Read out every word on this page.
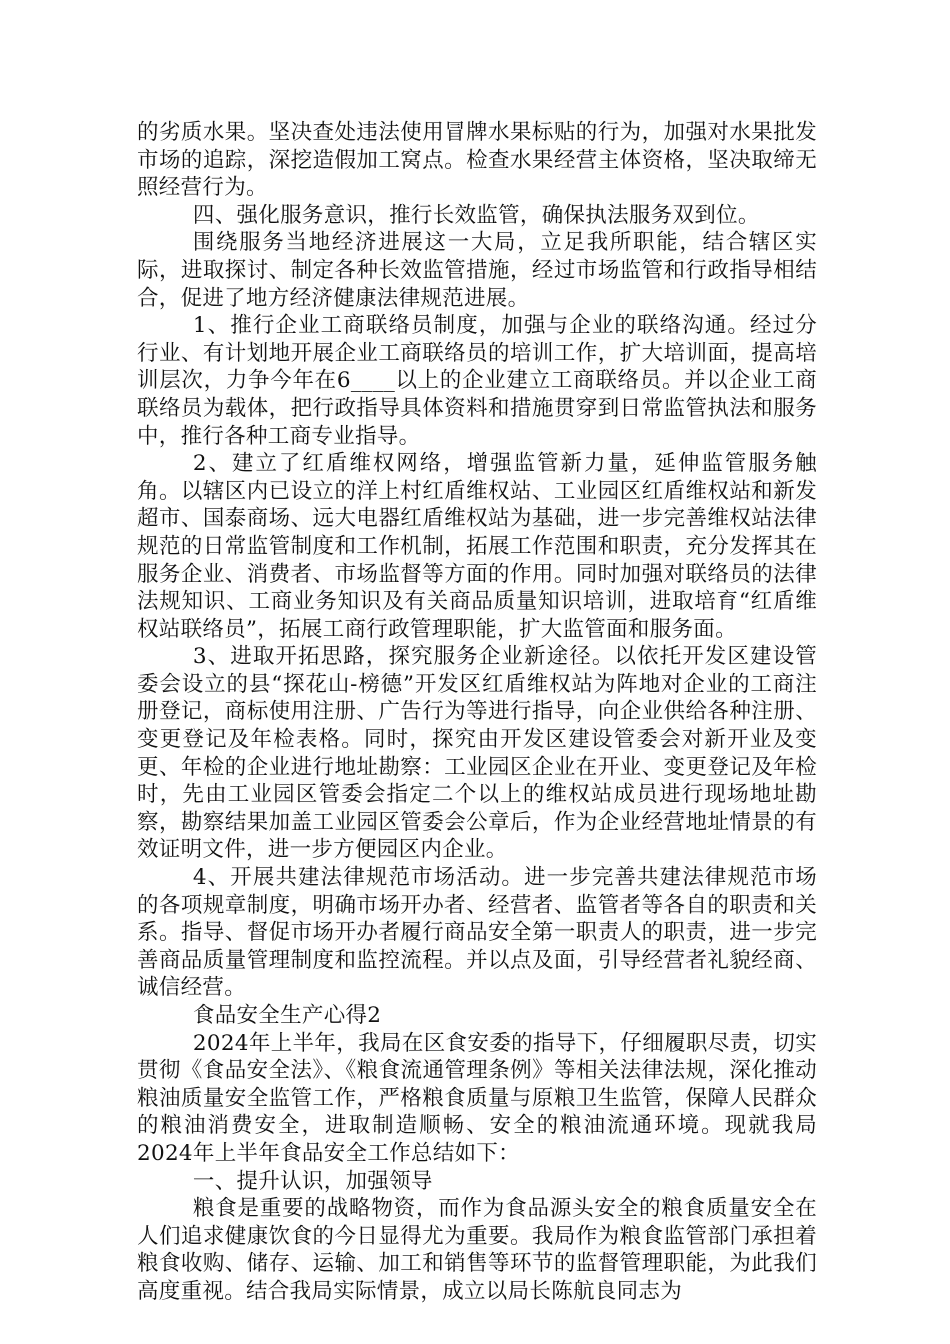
的劣质水果。坚决查处违法使用冒牌水果标贴的行为，加强对水果批发市场的追踪，深挖造假加工窝点。检查水果经营主体资格，坚决取缔无照经营行为。

四、强化服务意识，推行长效监管，确保执法服务双到位。

围绕服务当地经济进展这一大局，立足我所职能，结合辖区实际，进取探讨、制定各种长效监管措施，经过市场监管和行政指导相结合，促进了地方经济健康法律规范进展。

1、推行企业工商联络员制度，加强与企业的联络沟通。经过分行业、有计划地开展企业工商联络员的培训工作，扩大培训面，提高培训层次，力争今年在6____以上的企业建立工商联络员。并以企业工商联络员为载体，把行政指导具体资料和措施贯穿到日常监管执法和服务中，推行各种工商专业指导。

2、建立了红盾维权网络，增强监管新力量，延伸监管服务触角。以辖区内已设立的洋上村红盾维权站、工业园区红盾维权站和新发超市、国泰商场、远大电器红盾维权站为基础，进一步完善维权站法律规范的日常监管制度和工作机制，拓展工作范围和职责，充分发挥其在服务企业、消费者、市场监督等方面的作用。同时加强对联络员的法律法规知识、工商业务知识及有关商品质量知识培训，进取培育“红盾维权站联络员”，拓展工商行政管理职能，扩大监管面和服务面。

3、进取开拓思路，探究服务企业新途径。以依托开发区建设管委会设立的县“探花山-榜德”开发区红盾维权站为阵地对企业的工商注册登记，商标使用注册、广告行为等进行指导，向企业供给各种注册、变更登记及年检表格。同时，探究由开发区建设管委会对新开业及变更、年检的企业进行地址勘察：工业园区企业在开业、变更登记及年检时，先由工业园区管委会指定二个以上的维权站成员进行现场地址勘察，勘察结果加盖工业园区管委会公章后，作为企业经营地址情景的有效证明文件，进一步方便园区内企业。

4、开展共建法律规范市场活动。进一步完善共建法律规范市场的各项规章制度，明确市场开办者、经营者、监管者等各自的职责和关系。指导、督促市场开办者履行商品安全第一职责人的职责，进一步完善商品质量管理制度和监控流程。并以点及面，引导经营者礼貌经商、诚信经营。

食品安全生产心得2

2024年上半年，我局在区食安委的指导下，仔细履职尽责，切实贯彻《食品安全法》、《粮食流通管理条例》等相关法律法规，深化推动粮油质量安全监管工作，严格粮食质量与原粮卫生监管，保障人民群众的粮油消费安全，进取制造顺畅、安全的粮油流通环境。现就我局2024年上半年食品安全工作总结如下：

一、提升认识，加强领导

粮食是重要的战略物资，而作为食品源头安全的粮食质量安全在人们追求健康饮食的今日显得尤为重要。我局作为粮食监管部门承担着粮食收购、储存、运输、加工和销售等环节的监督管理职能，为此我们高度重视。结合我局实际情景，成立以局长陈航良同志为
